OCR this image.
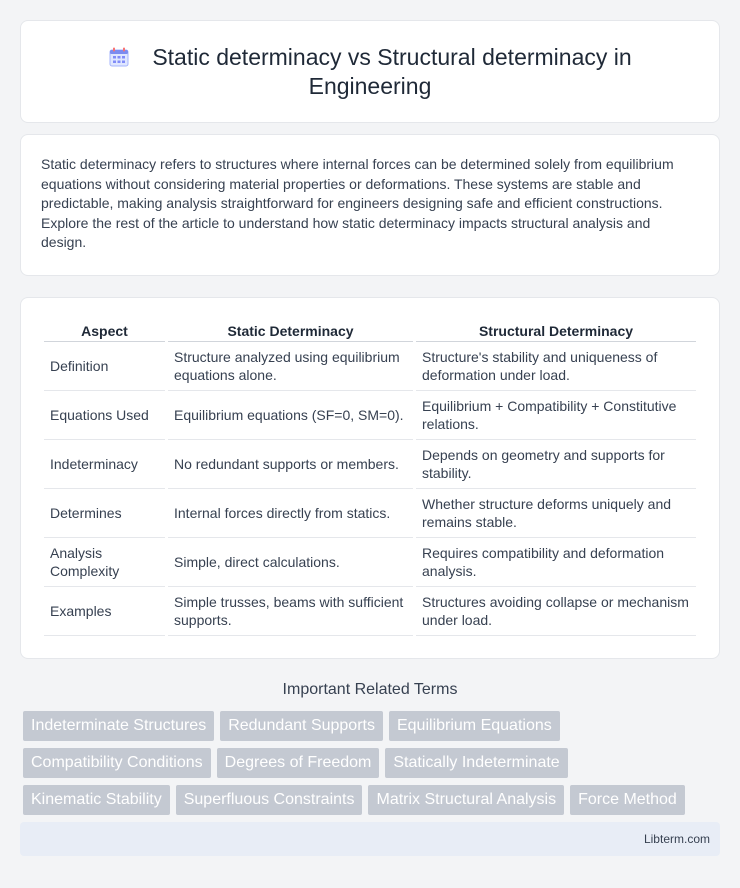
Static determinacy vs Structural determinacy in Engineering

Static determinacy refers to structures where internal forces can be determined solely from equilibrium equations without considering material properties or deformations. These systems are stable and predictable, making analysis straightforward for engineers designing safe and efficient constructions. Explore the rest of the article to understand how static determinacy impacts structural analysis and design.

Aspect	Static Determinacy	Structural Determinacy
Definition	Structure analyzed using equilibrium equations alone.	Structure's stability and uniqueness of deformation under load.
Equations Used	Equilibrium equations (SF=0, SM=0).	Equilibrium + Compatibility + Constitutive relations.
Indeterminacy	No redundant supports or members.	Depends on geometry and supports for stability.
Determines	Internal forces directly from statics.	Whether structure deforms uniquely and remains stable.
Analysis Complexity	Simple, direct calculations.	Requires compatibility and deformation analysis.
Examples	Simple trusses, beams with sufficient supports.	Structures avoiding collapse or mechanism under load.
Important Related Terms
Indeterminate Structures	Redundant Supports	Equilibrium Equations
Compatibility Conditions	Degrees of Freedom	Statically Indeterminate
Kinematic Stability	Superfluous Constraints	Matrix Structural Analysis	Force Method
Libterm.com
